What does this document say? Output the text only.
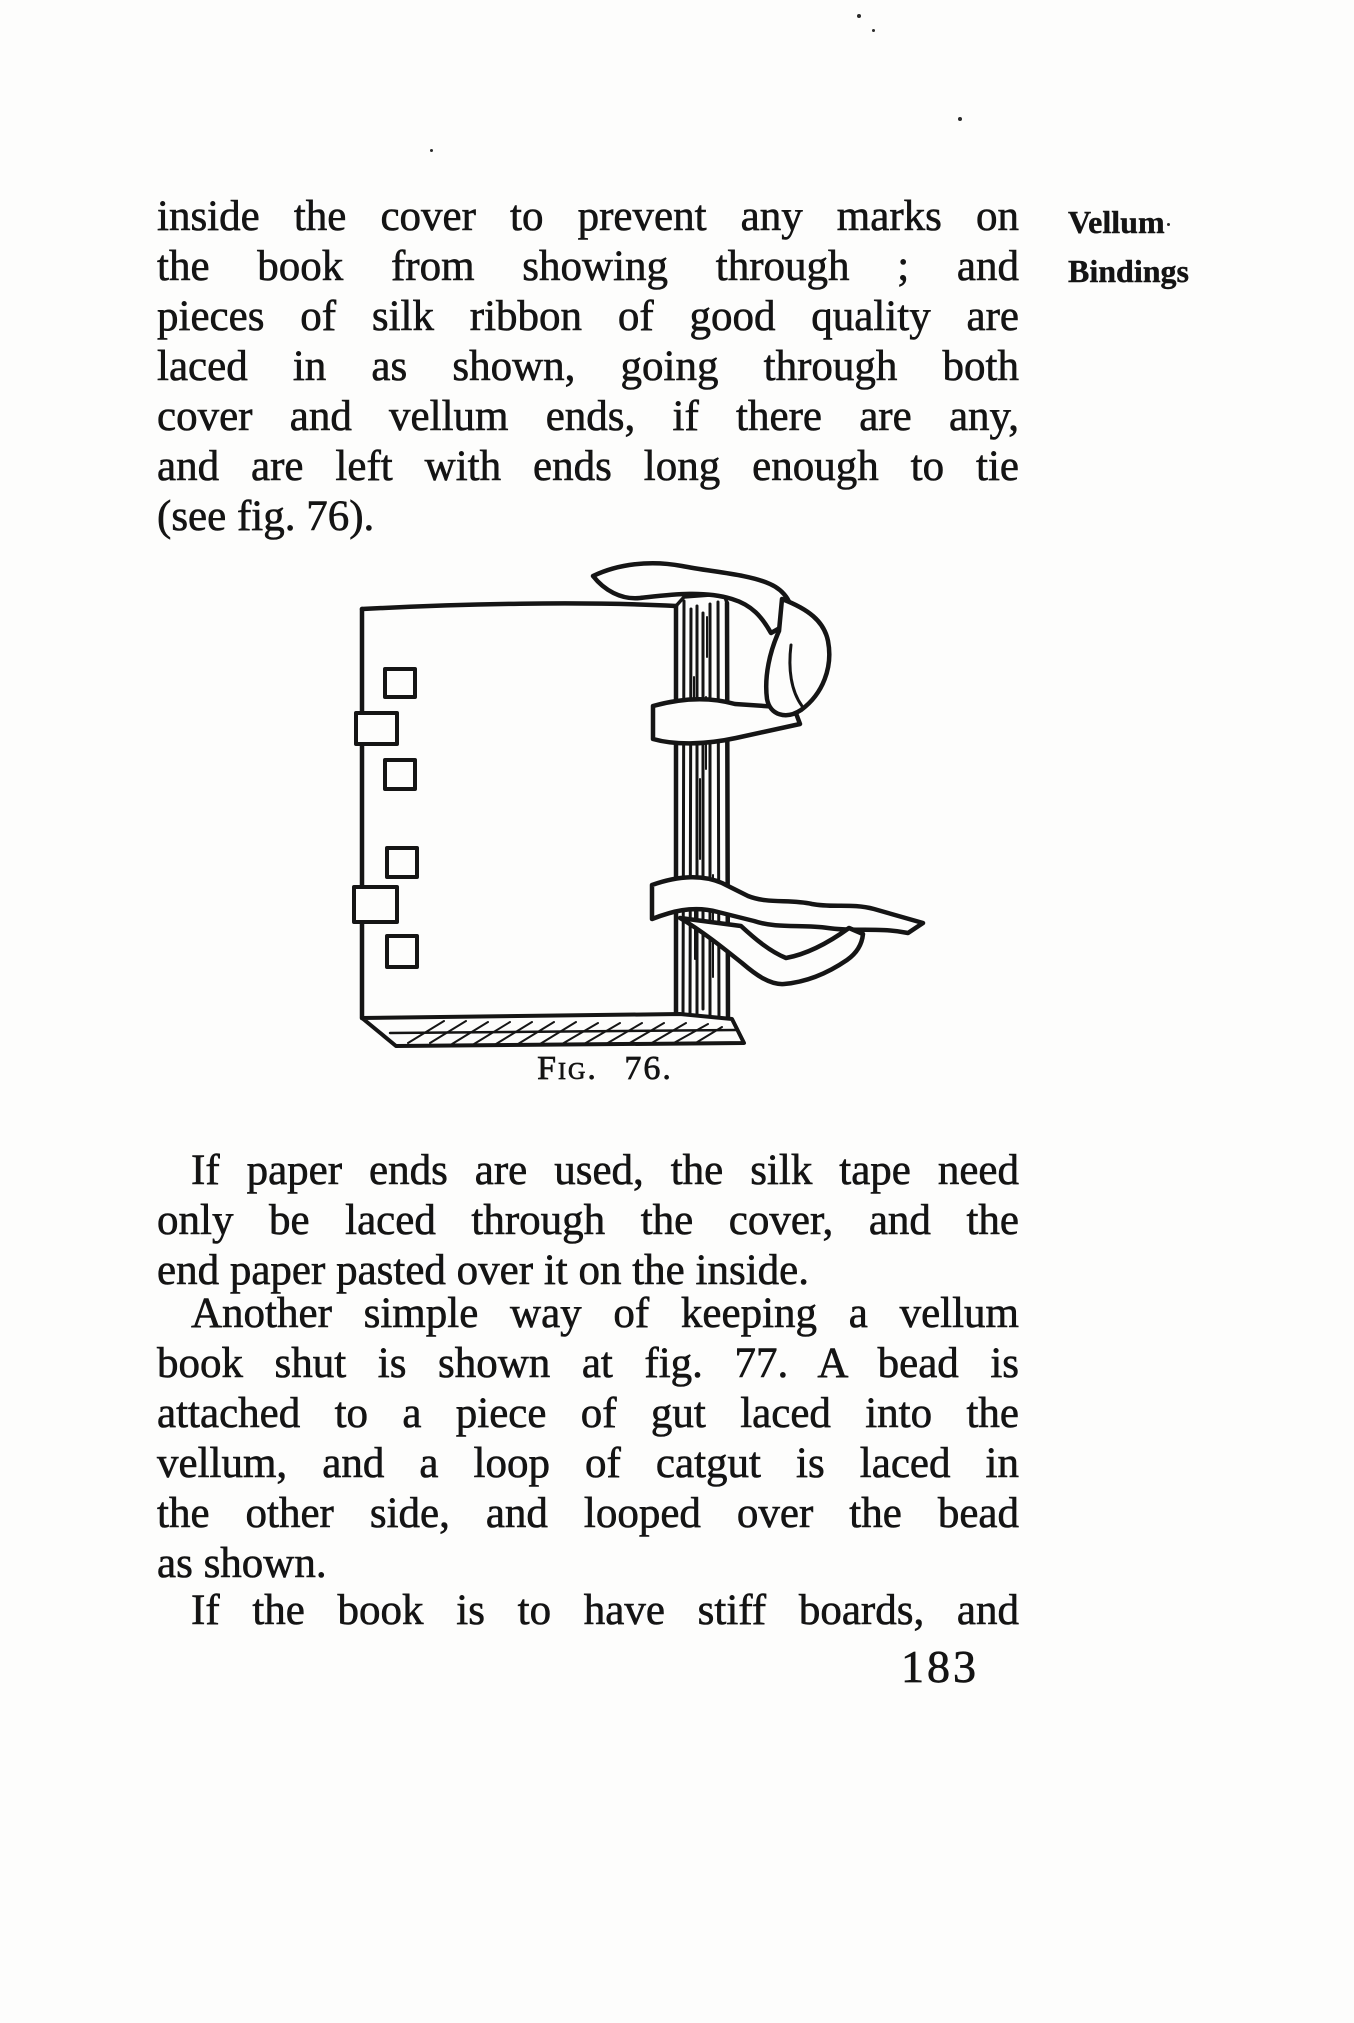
inside the cover to prevent any marks on
the book from showing through ; and
pieces of silk ribbon of good quality are
laced in as shown, going through both
cover and vellum ends, if there are any,
and are left with ends long enough to tie
(see fig. 76).
Vellum
Bindings
Fig. 76.
If paper ends are used, the silk tape need
only be laced through the cover, and the
end paper pasted over it on the inside.
Another simple way of keeping a vellum
book shut is shown at fig. 77. A bead is
attached to a piece of gut laced into the
vellum, and a loop of catgut is laced in
the other side, and looped over the bead
as shown.
If the book is to have stiff boards, and
183
